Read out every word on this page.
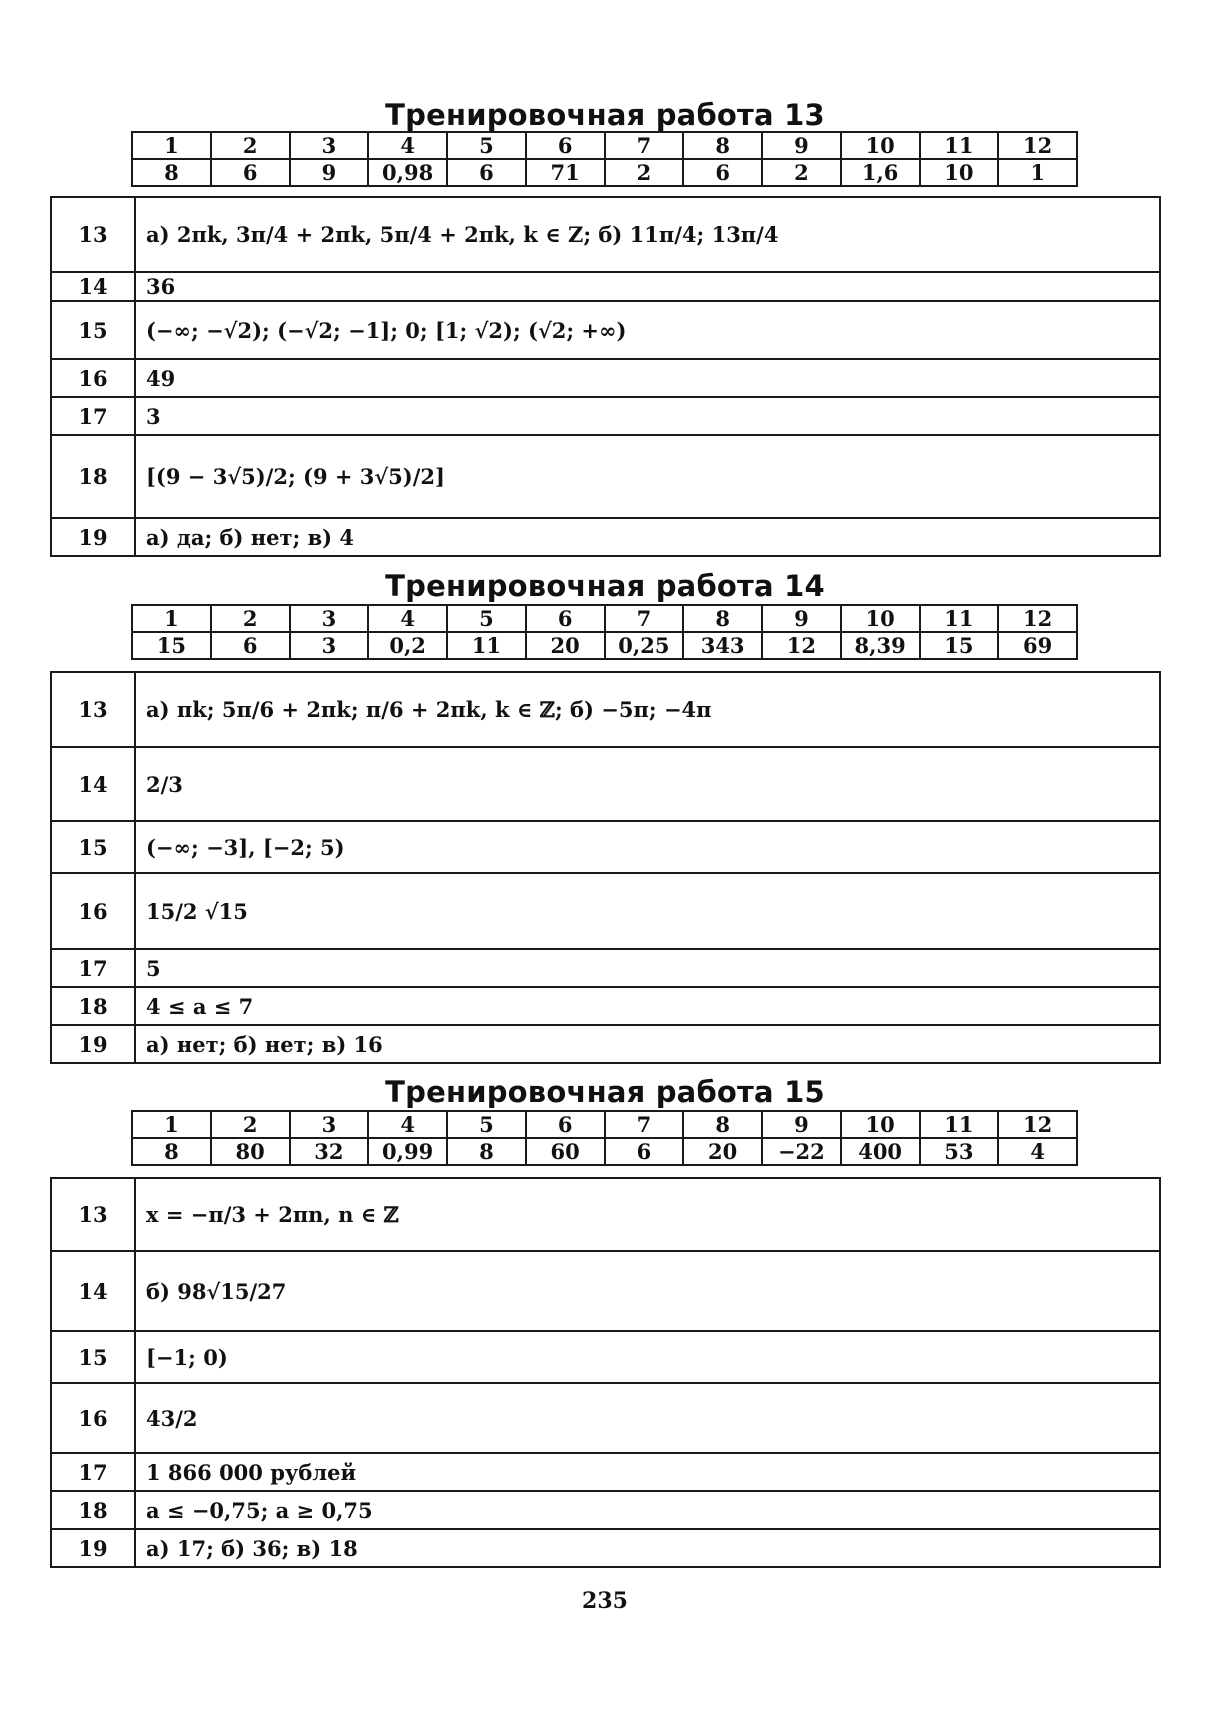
Тренировочная работа 13
1	2	3	4	5	6	7	8	9	10	11	12
8	6	9	0,98	6	71	2	6	2	1,6	10	1
13	а) 2πk, 3π/4 + 2πk, 5π/4 + 2πk, k ∈ Z; б) 11π/4; 13π/4
14	36
15	(−∞; −√2); (−√2; −1]; 0; [1; √2); (√2; +∞)
16	49
17	3
18	[(9 − 3√5)/2; (9 + 3√5)/2]
19	а) да; б) нет; в) 4
Тренировочная работа 14
1	2	3	4	5	6	7	8	9	10	11	12
15	6	3	0,2	11	20	0,25	343	12	8,39	15	69
13	а) πk; 5π/6 + 2πk; π/6 + 2πk, k ∈ ℤ; б) −5π; −4π
14	2/3
15	(−∞; −3], [−2; 5)
16	15/2 √15
17	5
18	4 ≤ a ≤ 7
19	а) нет; б) нет; в) 16
Тренировочная работа 15
1	2	3	4	5	6	7	8	9	10	11	12
8	80	32	0,99	8	60	6	20	−22	400	53	4
13	x = −π/3 + 2πn, n ∈ ℤ
14	б) 98√15/27
15	[−1; 0)
16	43/2
17	1 866 000 рублей
18	a ≤ −0,75; a ≥ 0,75
19	а) 17; б) 36; в) 18
235
